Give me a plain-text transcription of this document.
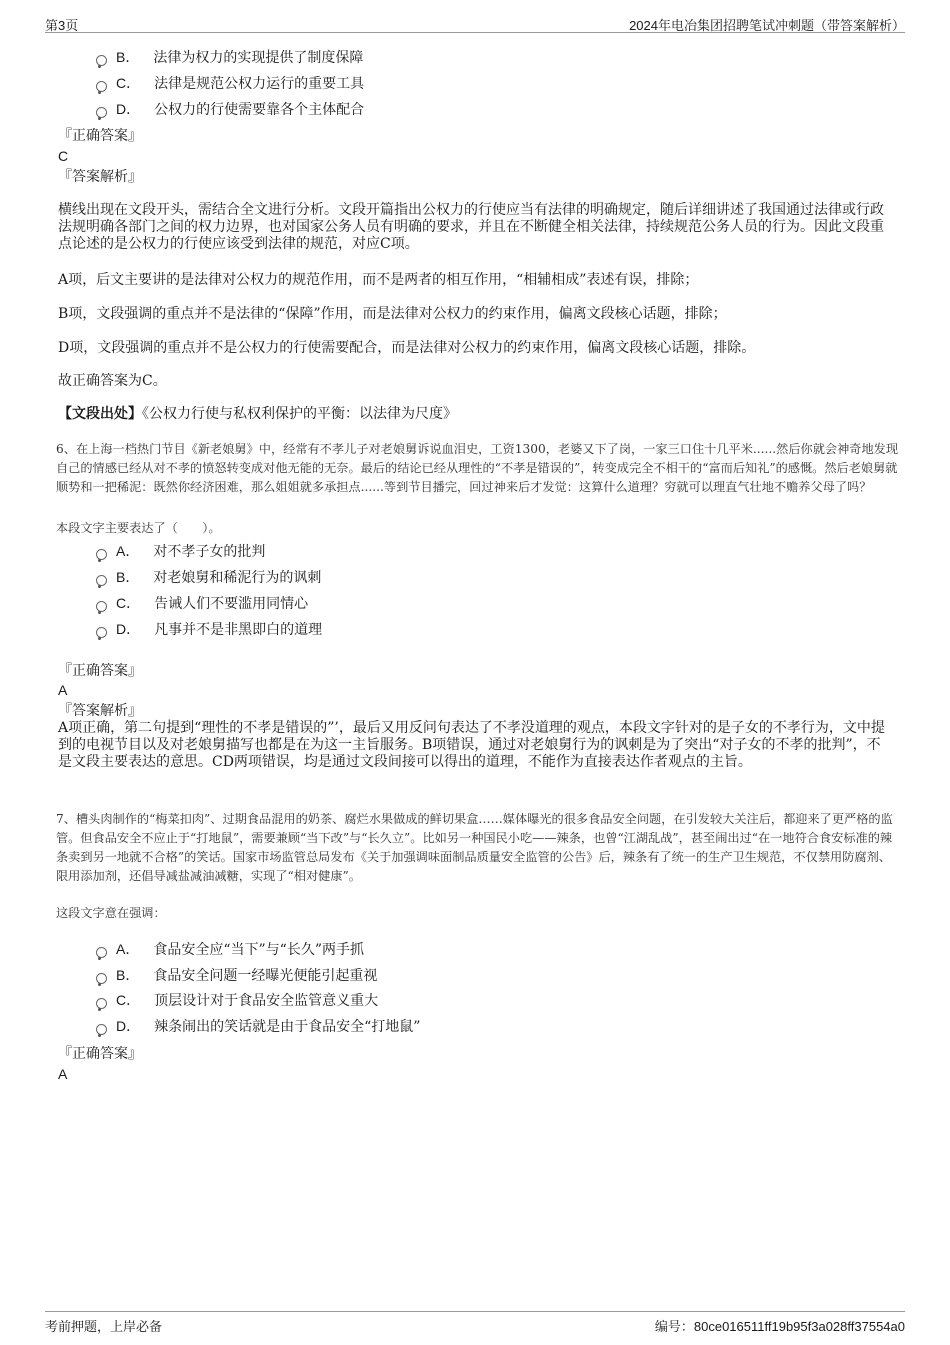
第3页	2024年电冶集团招聘笔试冲刺题（带答案解析）
B． 法律为权力的实现提供了制度保障
C． 法律是规范公权力运行的重要工具
D． 公权力的行使需要靠各个主体配合
『正确答案』
C
『答案解析』
横线出现在文段开头，需结合全文进行分析。文段开篇指出公权力的行使应当有法律的明确规定，随后详细讲述了我国通过法律或行政法规明确各部门之间的权力边界，也对国家公务人员有明确的要求，并且在不断健全相关法律，持续规范公务人员的行为。因此文段重点论述的是公权力的行使应该受到法律的规范，对应C项。
A项，后文主要讲的是法律对公权力的规范作用，而不是两者的相互作用，“相辅相成”表述有误，排除；
B项，文段强调的重点并不是法律的“保障”作用，而是法律对公权力的约束作用，偏离文段核心话题，排除；
D项，文段强调的重点并不是公权力的行使需要配合，而是法律对公权力的约束作用，偏离文段核心话题，排除。
故正确答案为C。
【文段出处】《公权力行使与私权利保护的平衡：以法律为尺度》
6、在上海一档热门节目《新老娘舅》中，经常有不孝儿子对老娘舅诉说血泪史，工资1300，老婆又下了岗，一家三口住十几平米......然后你就会神奇地发现自己的情感已经从对不孝的愤怒转变成对他无能的无奈。最后的结论已经从理性的“不孝是错误的”，转变成完全不相干的“富而后知礼”的感慨。然后老娘舅就顺势和一把稀泥：既然你经济困难，那么姐姐就多承担点......等到节目播完，回过神来后才发觉：这算什么道理？穷就可以理直气壮地不赡养父母了吗？
本段文字主要表达了（　　）。
A． 对不孝子女的批判
B． 对老娘舅和稀泥行为的讽刺
C． 告诫人们不要滥用同情心
D． 凡事并不是非黑即白的道理
『正确答案』
A
『答案解析』
A项正确，第二句提到“理性的不孝是错误的”’，最后又用反问句表达了不孝没道理的观点，本段文字针对的是子女的不孝行为，文中提到的电视节目以及对老娘舅描写也都是在为这一主旨服务。B项错误，通过对老娘舅行为的讽刺是为了突出“对子女的不孝的批判”，不是文段主要表达的意思。CD两项错误，均是通过文段间接可以得出的道理，不能作为直接表达作者观点的主旨。
7、槽头肉制作的“梅菜扣肉”、过期食品混用的奶茶、腐烂水果做成的鲜切果盒……媒体曝光的很多食品安全问题，在引发较大关注后，都迎来了更严格的监管。但食品安全不应止于“打地鼠”，需要兼顾“当下改”与“长久立”。比如另一种国民小吃——辣条，也曾“江湖乱战”，甚至闹出过“在一地符合食安标准的辣条卖到另一地就不合格”的笑话。国家市场监管总局发布《关于加强调味面制品质量安全监管的公告》后，辣条有了统一的生产卫生规范，不仅禁用防腐剂、限用添加剂，还倡导减盐减油减糖，实现了“相对健康”。
这段文字意在强调：
A． 食品安全应“当下”与“长久”两手抓
B． 食品安全问题一经曝光便能引起重视
C． 顶层设计对于食品安全监管意义重大
D． 辣条闹出的笑话就是由于食品安全“打地鼠”
『正确答案』
A
考前押题，上岸必备	编号：80ce016511ff19b95f3a028ff37554a0
